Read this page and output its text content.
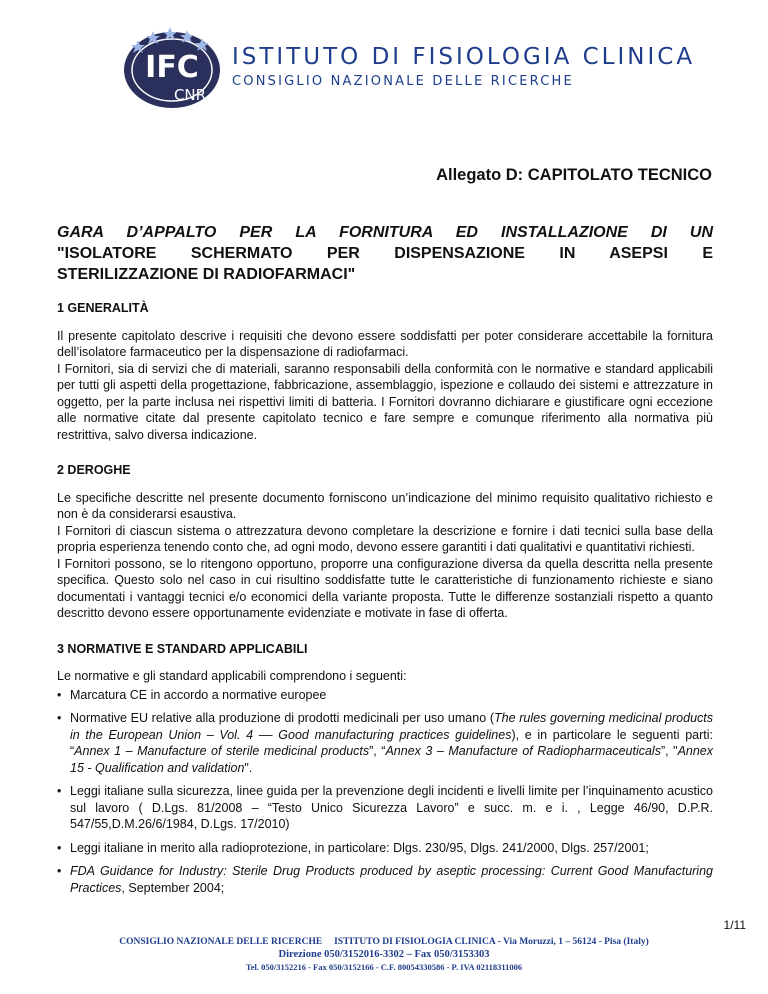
IFC
CNR
ISTITUTO DI FISIOLOGIA CLINICA
CONSIGLIO NAZIONALE DELLE RICERCHE
Allegato D: CAPITOLATO TECNICO
GARA D’APPALTO PER LA FORNITURA ED INSTALLAZIONE DI UN
"ISOLATORE SCHERMATO PER DISPENSAZIONE IN ASEPSI E
STERILIZZAZIONE DI RADIOFARMACI"
1 GENERALITÀ

Il presente capitolato descrive i requisiti che devono essere soddisfatti per poter considerare accettabile la fornitura dell’isolatore farmaceutico per la dispensazione di radiofarmaci.

I Fornitori, sia di servizi che di materiali, saranno responsabili della conformità con le normative e standard applicabili per tutti gli aspetti della progettazione, fabbricazione, assemblaggio, ispezione e collaudo dei sistemi e attrezzature in oggetto, per la parte inclusa nei rispettivi limiti di batteria. I Fornitori dovranno dichiarare e giustificare ogni eccezione alle normative citate dal presente capitolato tecnico e fare sempre e comunque riferimento alla normativa più restrittiva, salvo diversa indicazione.

2 DEROGHE

Le specifiche descritte nel presente documento forniscono un’indicazione del minimo requisito qualitativo richiesto e non è da considerarsi esaustiva.

I Fornitori di ciascun sistema o attrezzatura devono completare la descrizione e fornire i dati tecnici sulla base della propria esperienza tenendo conto che, ad ogni modo, devono essere garantiti i dati qualitativi e quantitativi richiesti.

I Fornitori possono, se lo ritengono opportuno, proporre una configurazione diversa da quella descritta nella presente specifica. Questo solo nel caso in cui risultino soddisfatte tutte le caratteristiche di funzionamento richieste e siano documentati i vantaggi tecnici e/o economici della variante proposta. Tutte le differenze sostanziali rispetto a quanto descritto devono essere opportunamente evidenziate e motivate in fase di offerta.

3 NORMATIVE E STANDARD APPLICABILI

Le normative e gli standard applicabili comprendono i seguenti:

• Marcatura CE in accordo a normative europee
• Normative EU relative alla produzione di prodotti medicinali per uso umano (The rules governing medicinal products in the European Union – Vol. 4 –– Good manufacturing practices guidelines), e in particolare le seguenti parti: “Annex 1 – Manufacture of sterile medicinal products”, “Annex 3 – Manufacture of Radiopharmaceuticals”, "Annex 15 - Qualification and validation".
• Leggi italiane sulla sicurezza, linee guida per la prevenzione degli incidenti e livelli limite per l’inquinamento acustico sul lavoro ( D.Lgs. 81/2008 – “Testo Unico Sicurezza Lavoro” e succ. m. e i. , Legge 46/90, D.P.R. 547/55,D.M.26/6/1984, D.Lgs. 17/2010)
• Leggi italiane in merito alla radioprotezione, in particolare: Dlgs. 230/95, Dlgs. 241/2000, Dlgs. 257/2001;
• FDA Guidance for Industry: Sterile Drug Products produced by aseptic processing: Current Good Manufacturing Practices, September 2004;
1/11
CONSIGLIO NAZIONALE DELLE RICERCHE     ISTITUTO DI FISIOLOGIA CLINICA - Via Moruzzi, 1 – 56124 - Pisa (Italy)
Direzione 050/3152016-3302 – Fax 050/3153303
Tel. 050/3152216 - Fax 050/3152166 - C.F. 80054330586 - P. IVA 02118311006
